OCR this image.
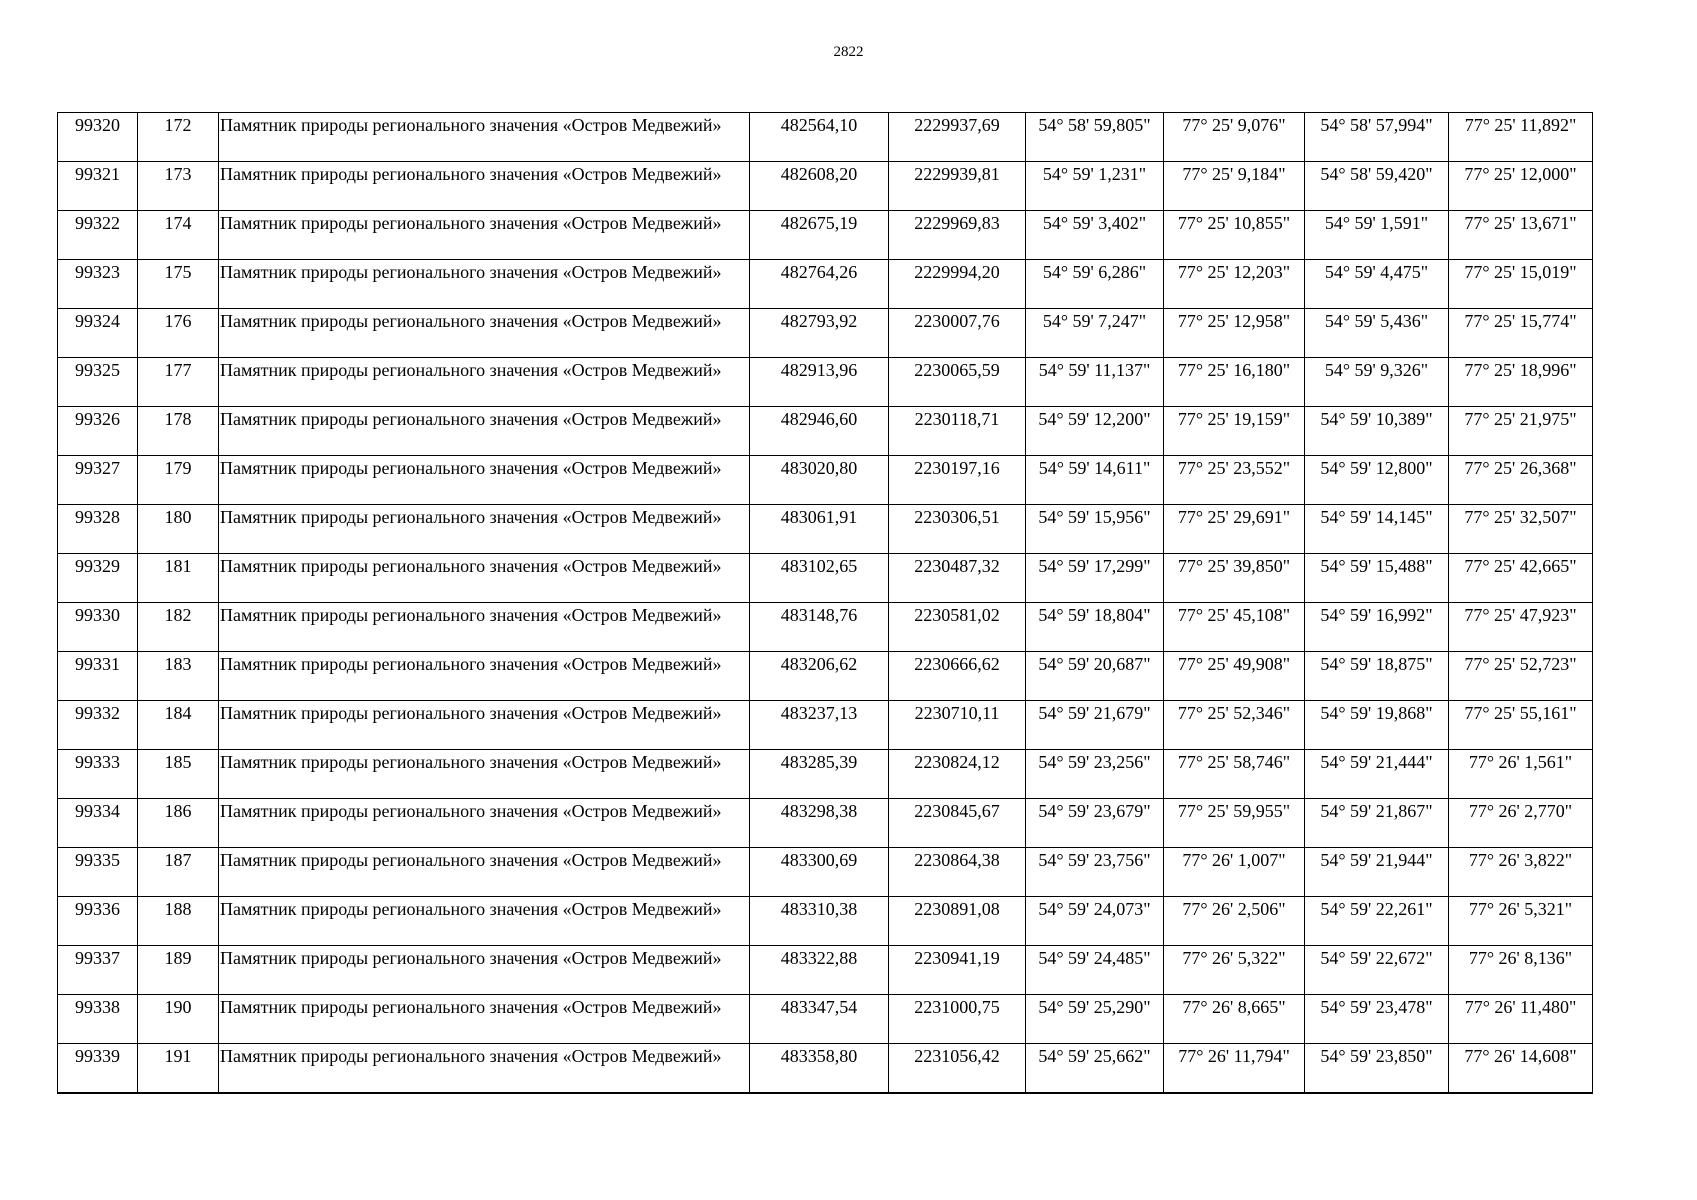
2822
99320	172	Памятник природы регионального значения «Остров Медвежий»	482564,10	2229937,69	54° 58' 59,805"	77° 25' 9,076"	54° 58' 57,994"	77° 25' 11,892"
99321	173	Памятник природы регионального значения «Остров Медвежий»	482608,20	2229939,81	54° 59' 1,231"	77° 25' 9,184"	54° 58' 59,420"	77° 25' 12,000"
99322	174	Памятник природы регионального значения «Остров Медвежий»	482675,19	2229969,83	54° 59' 3,402"	77° 25' 10,855"	54° 59' 1,591"	77° 25' 13,671"
99323	175	Памятник природы регионального значения «Остров Медвежий»	482764,26	2229994,20	54° 59' 6,286"	77° 25' 12,203"	54° 59' 4,475"	77° 25' 15,019"
99324	176	Памятник природы регионального значения «Остров Медвежий»	482793,92	2230007,76	54° 59' 7,247"	77° 25' 12,958"	54° 59' 5,436"	77° 25' 15,774"
99325	177	Памятник природы регионального значения «Остров Медвежий»	482913,96	2230065,59	54° 59' 11,137"	77° 25' 16,180"	54° 59' 9,326"	77° 25' 18,996"
99326	178	Памятник природы регионального значения «Остров Медвежий»	482946,60	2230118,71	54° 59' 12,200"	77° 25' 19,159"	54° 59' 10,389"	77° 25' 21,975"
99327	179	Памятник природы регионального значения «Остров Медвежий»	483020,80	2230197,16	54° 59' 14,611"	77° 25' 23,552"	54° 59' 12,800"	77° 25' 26,368"
99328	180	Памятник природы регионального значения «Остров Медвежий»	483061,91	2230306,51	54° 59' 15,956"	77° 25' 29,691"	54° 59' 14,145"	77° 25' 32,507"
99329	181	Памятник природы регионального значения «Остров Медвежий»	483102,65	2230487,32	54° 59' 17,299"	77° 25' 39,850"	54° 59' 15,488"	77° 25' 42,665"
99330	182	Памятник природы регионального значения «Остров Медвежий»	483148,76	2230581,02	54° 59' 18,804"	77° 25' 45,108"	54° 59' 16,992"	77° 25' 47,923"
99331	183	Памятник природы регионального значения «Остров Медвежий»	483206,62	2230666,62	54° 59' 20,687"	77° 25' 49,908"	54° 59' 18,875"	77° 25' 52,723"
99332	184	Памятник природы регионального значения «Остров Медвежий»	483237,13	2230710,11	54° 59' 21,679"	77° 25' 52,346"	54° 59' 19,868"	77° 25' 55,161"
99333	185	Памятник природы регионального значения «Остров Медвежий»	483285,39	2230824,12	54° 59' 23,256"	77° 25' 58,746"	54° 59' 21,444"	77° 26' 1,561"
99334	186	Памятник природы регионального значения «Остров Медвежий»	483298,38	2230845,67	54° 59' 23,679"	77° 25' 59,955"	54° 59' 21,867"	77° 26' 2,770"
99335	187	Памятник природы регионального значения «Остров Медвежий»	483300,69	2230864,38	54° 59' 23,756"	77° 26' 1,007"	54° 59' 21,944"	77° 26' 3,822"
99336	188	Памятник природы регионального значения «Остров Медвежий»	483310,38	2230891,08	54° 59' 24,073"	77° 26' 2,506"	54° 59' 22,261"	77° 26' 5,321"
99337	189	Памятник природы регионального значения «Остров Медвежий»	483322,88	2230941,19	54° 59' 24,485"	77° 26' 5,322"	54° 59' 22,672"	77° 26' 8,136"
99338	190	Памятник природы регионального значения «Остров Медвежий»	483347,54	2231000,75	54° 59' 25,290"	77° 26' 8,665"	54° 59' 23,478"	77° 26' 11,480"
99339	191	Памятник природы регионального значения «Остров Медвежий»	483358,80	2231056,42	54° 59' 25,662"	77° 26' 11,794"	54° 59' 23,850"	77° 26' 14,608"
